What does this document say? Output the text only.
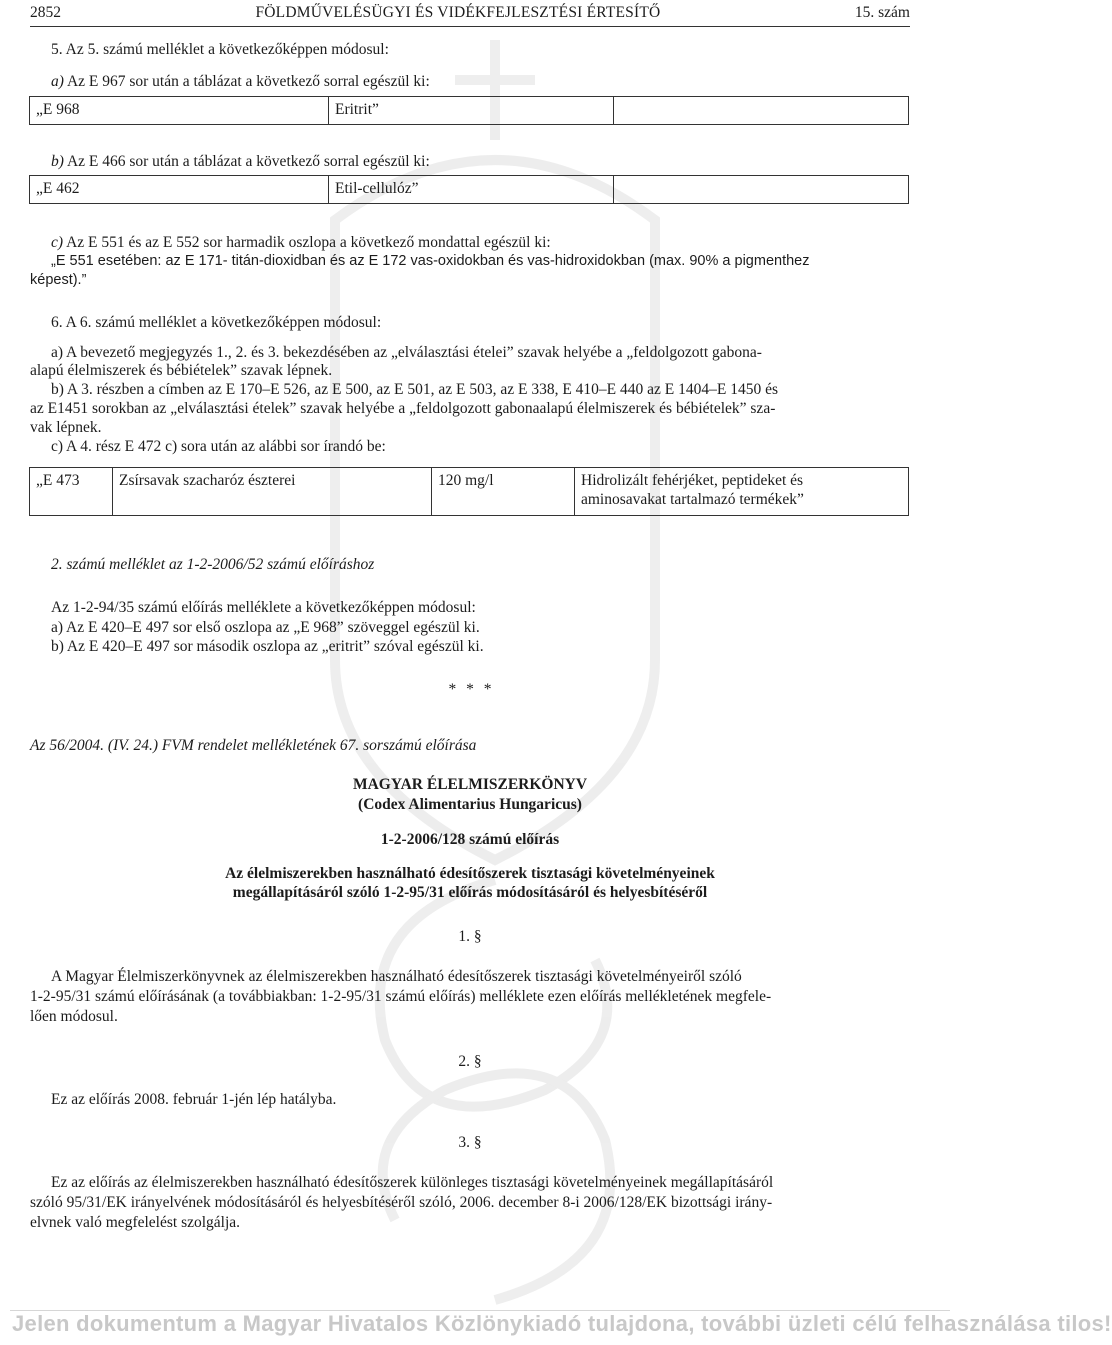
2852	FÖLDMŰVELÉSÜGYI ÉS VIDÉKFEJLESZTÉSI ÉRTESÍTŐ	15. szám

5. Az 5. számú melléklet a következőképpen módosul:

a) Az E 967 sor után a táblázat a következő sorral egészül ki:

„E 968	Eritrit”	

b) Az E 466 sor után a táblázat a következő sorral egészül ki:

„E 462	Etil-cellulóz”	

c) Az E 551 és az E 552 sor harmadik oszlopa a következő mondattal egészül ki:

„E 551 esetében: az E 171- titán-dioxidban és az E 172 vas-oxidokban és vas-hidroxidokban (max. 90% a pigmenthez

képest).”

6. A 6. számú melléklet a következőképpen módosul:

a) A bevezető megjegyzés 1., 2. és 3. bekezdésében az „elválasztási ételei” szavak helyébe a „feldolgozott gabona-

alapú élelmiszerek és bébiételek” szavak lépnek.

b) A 3. részben a címben az E 170–E 526, az E 500, az E 501, az E 503, az E 338, E 410–E 440 az E 1404–E 1450 és

az E1451 sorokban az „elválasztási ételek” szavak helyébe a „feldolgozott gabonaalapú élelmiszerek és bébiételek” sza-

vak lépnek.

c) A 4. rész E 472 c) sora után az alábbi sor írandó be:

„E 473	Zsírsavak szacharóz észterei	120 mg/l	Hidrolizált fehérjéket, peptideket és
aminosavakat tartalmazó termékek”

2. számú melléklet az 1-2-2006/52 számú előíráshoz

Az 1-2-94/35 számú előírás melléklete a következőképpen módosul:

a) Az E 420–E 497 sor első oszlopa az „E 968” szöveggel egészül ki.

b) Az E 420–E 497 sor második oszlopa az „eritrit” szóval egészül ki.

* * *

Az 56/2004. (IV. 24.) FVM rendelet mellékletének 67. sorszámú előírása

MAGYAR ÉLELMISZERKÖNYV

(Codex Alimentarius Hungaricus)

1-2-2006/128 számú előírás

Az élelmiszerekben használható édesítőszerek tisztasági követelményeinek

megállapításáról szóló 1-2-95/31 előírás módosításáról és helyesbítéséről

1. §

A Magyar Élelmiszerkönyvnek az élelmiszerekben használható édesítőszerek tisztasági követelményeiről szóló

1-2-95/31 számú előírásának (a továbbiakban: 1-2-95/31 számú előírás) melléklete ezen előírás mellékletének megfele-

lően módosul.

2. §

Ez az előírás 2008. február 1-jén lép hatályba.

3. §

Ez az előírás az élelmiszerekben használható édesítőszerek különleges tisztasági követelményeinek megállapításáról

szóló 95/31/EK irányelvének módosításáról és helyesbítéséről szóló, 2006. december 8-i 2006/128/EK bizottsági irány-

elvnek való megfelelést szolgálja.

Jelen dokumentum a Magyar Hivatalos Közlönykiadó tulajdona, további üzleti célú felhasználása tilos!
